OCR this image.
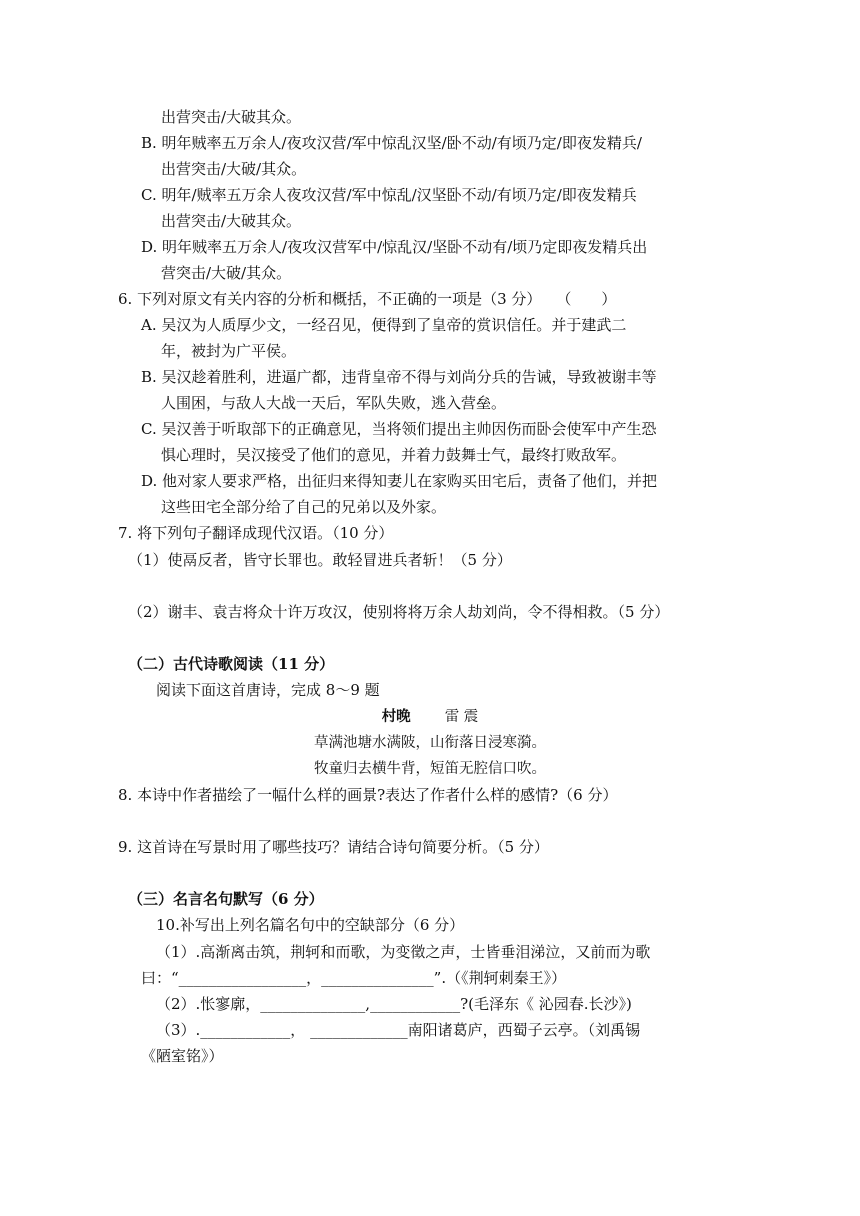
出营突击/大破其众。
B. 明年贼率五万余人/夜攻汉营/军中惊乱汉坚/卧不动/有顷乃定/即夜发精兵/
出营突击/大破/其众。
C. 明年/贼率五万余人夜攻汉营/军中惊乱/汉坚卧不动/有顷乃定/即夜发精兵
出营突击/大破其众。
D. 明年贼率五万余人/夜攻汉营军中/惊乱汉/坚卧不动有/顷乃定即夜发精兵出
营突击/大破/其众。
6. 下列对原文有关内容的分析和概括，不正确的一项是（3 分）　　（　　）
A. 吴汉为人质厚少文，一经召见，便得到了皇帝的赏识信任。并于建武二
年，被封为广平侯。
B. 吴汉趁着胜利，进逼广都，违背皇帝不得与刘尚分兵的告诫，导致被谢丰等
人围困，与敌人大战一天后，军队失败，逃入营垒。
C. 吴汉善于听取部下的正确意见，当将领们提出主帅因伤而卧会使军中产生恐
惧心理时，吴汉接受了他们的意见，并着力鼓舞士气，最终打败敌军。
D. 他对家人要求严格，出征归来得知妻儿在家购买田宅后，责备了他们，并把
这些田宅全部分给了自己的兄弟以及外家。
7. 将下列句子翻译成现代汉语。（10 分）
（1）使鬲反者，皆守长罪也。敢轻冒进兵者斩！（5 分）
（2）谢丰、袁吉将众十许万攻汉，使别将将万余人劫刘尚，令不得相救。（5 分）
（二）古代诗歌阅读（11 分）
阅读下面这首唐诗，完成 8～9 题
村晚 雷 震
草满池塘水满陂，山衔落日浸寒漪。
牧童归去横牛背，短笛无腔信口吹。
8. 本诗中作者描绘了一幅什么样的画景?表达了作者什么样的感情?（6 分）
9. 这首诗在写景时用了哪些技巧？请结合诗句简要分析。（5 分）
（三）名言名句默写（6 分）
10.补写出上列名篇名句中的空缺部分（6 分）
（1）.高渐离击筑，荆轲和而歌，为变徵之声，士皆垂泪涕泣，又前而为歌
曰：“_________________，_______________”.（《荆轲刺秦王》）
（2）.怅寥廓，______________,____________?(毛泽东《 沁园春.长沙》)
（3）.____________， _____________南阳诸葛庐，西蜀子云亭。（刘禹锡
《陋室铭》）
